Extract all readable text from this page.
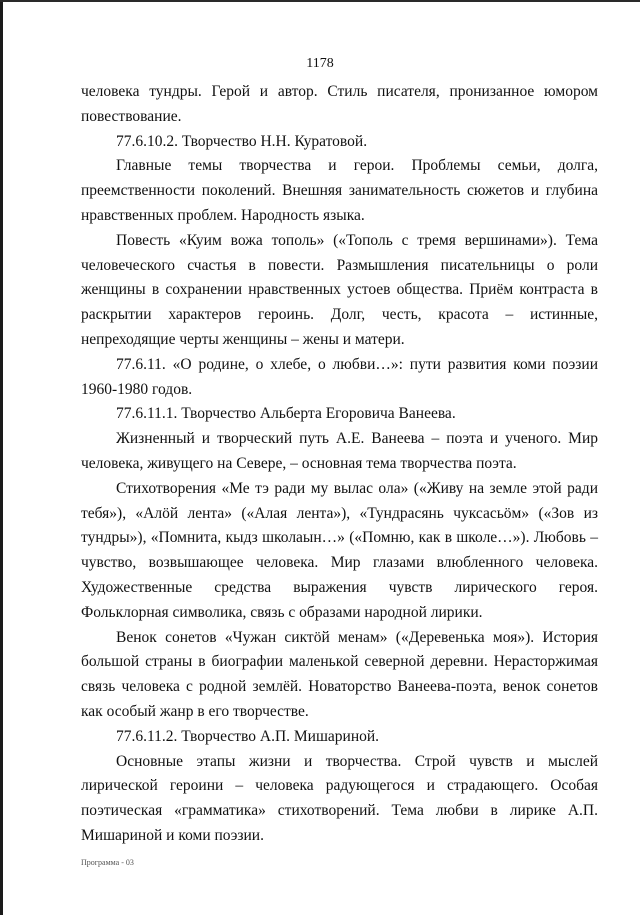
1178

человека тундры. Герой и автор. Стиль писателя, пронизанное юмором повествование.

77.6.10.2. Творчество Н.Н. Куратовой.

Главные темы творчества и герои. Проблемы семьи, долга, преемственности поколений. Внешняя занимательность сюжетов и глубина нравственных проблем. Народность языка.

Повесть «Куим вожа тополь» («Тополь с тремя вершинами»). Тема человеческого счастья в повести. Размышления писательницы о роли женщины в сохранении нравственных устоев общества. Приём контраста в раскрытии характеров героинь. Долг, честь, красота – истинные, непреходящие черты женщины – жены и матери.

77.6.11. «О родине, о хлебе, о любви…»: пути развития коми поэзии 1960-1980 годов.

77.6.11.1. Творчество Альберта Егоровича Ванеева.

Жизненный и творческий путь А.Е. Ванеева – поэта и ученого. Мир человека, живущего на Севере, – основная тема творчества поэта.

Стихотворения «Ме тэ ради му вылас ола» («Живу на земле этой ради тебя»), «Алӧй лента» («Алая лента»), «Тундрасянь чуксасьӧм» («Зов из тундры»), «Помнита, кыдз школаын…» («Помню, как в школе…»). Любовь – чувство, возвышающее человека. Мир глазами влюбленного человека. Художественные средства выражения чувств лирического героя. Фольклорная символика, связь с образами народной лирики.

Венок сонетов «Чужан сиктӧй менам» («Деревенька моя»). История большой страны в биографии маленькой северной деревни. Нерасторжимая связь человека с родной землёй. Новаторство Ванеева-поэта, венок сонетов как особый жанр в его творчестве.

77.6.11.2. Творчество А.П. Мишариной.

Основные этапы жизни и творчества. Строй чувств и мыслей лирической героини – человека радующегося и страдающего. Особая поэтическая «грамматика» стихотворений. Тема любви в лирике А.П. Мишариной и коми поэзии.

Программа - 03
